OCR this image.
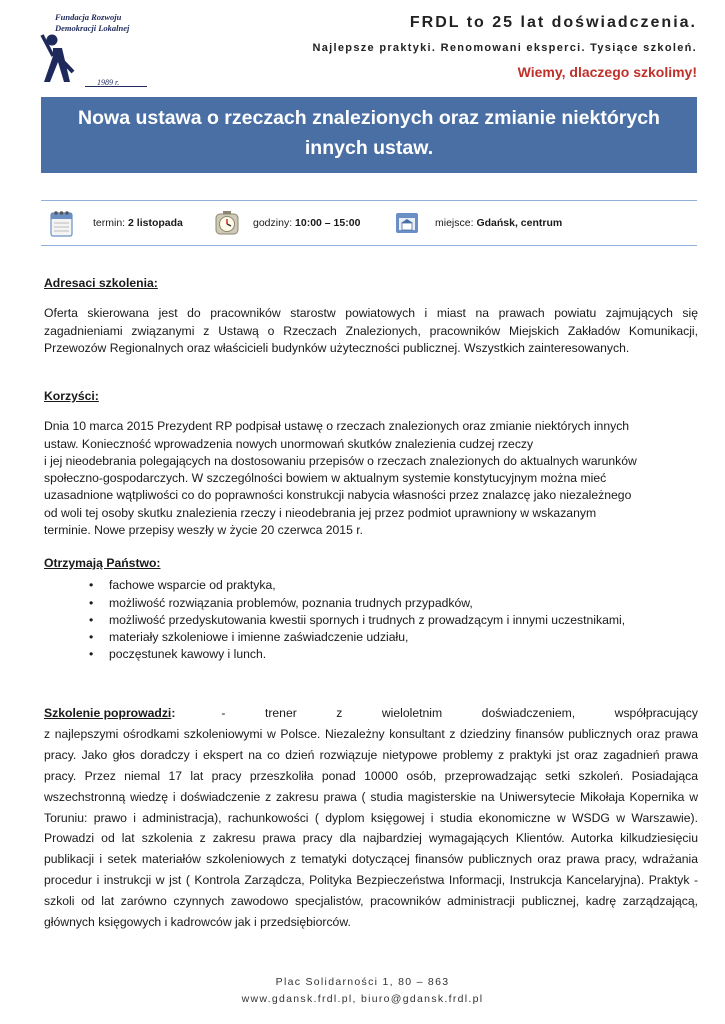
Fundacja Rozwoju
Demokracji Lokalnej
1989 r.
FRDL to 25 lat doświadczenia.
Najlepsze praktyki. Renomowani eksperci. Tysiące szkoleń.
Wiemy, dlaczego szkolimy!
Nowa ustawa o rzeczach znalezionych oraz zmianie niektórych
innych ustaw.
termin:
2 listopada	godziny:
10:00 – 15:00	miejsce:
Gdańsk, centrum
Adresaci szkolenia:
Oferta skierowana jest do pracowników starostw powiatowych i miast na prawach powiatu zajmujących się zagadnieniami związanymi z Ustawą o Rzeczach Znalezionych, pracowników Miejskich Zakładów Komunikacji, Przewozów Regionalnych oraz właścicieli budynków użyteczności publicznej. Wszystkich zainteresowanych.
Korzyści:
Dnia 10 marca 2015 Prezydent RP podpisał ustawę o rzeczach znalezionych oraz zmianie niektórych innych
ustaw. Konieczność wprowadzenia nowych unormowań skutków znalezienia cudzej rzeczy
i jej nieodebrania polegających na dostosowaniu przepisów o rzeczach znalezionych do aktualnych warunków
społeczno-gospodarczych. W szczególności bowiem w aktualnym systemie konstytucyjnym można mieć
uzasadnione wątpliwości co do poprawności konstrukcji nabycia własności przez znalazcę jako niezależnego
od woli tej osoby skutku znalezienia rzeczy i nieodebrania jej przez podmiot uprawniony w wskazanym
terminie. Nowe przepisy weszły w życie 20 czerwca 2015 r.
Otrzymają Państwo:
• fachowe wsparcie od praktyka,
• możliwość rozwiązania problemów, poznania trudnych przypadków,
• możliwość przedyskutowania kwestii spornych i trudnych z prowadzącym i innymi uczestnikami,
• materiały szkoleniowe i imienne zaświadczenie udziału,
• poczęstunek kawowy i lunch.
Szkolenie poprowadzi:	-	trener	z	wieloletnim	doświadczeniem,	współpracujący
z najlepszymi ośrodkami szkoleniowymi w Polsce. Niezależny konsultant z dziedziny finansów publicznych oraz prawa pracy. Jako głos doradczy i ekspert na co dzień rozwiązuje nietypowe problemy z praktyki jst oraz zagadnień prawa pracy. Przez niemal 17 lat pracy przeszkoliła ponad 10000 osób, przeprowadzając setki szkoleń. Posiadająca wszechstronną wiedzę i doświadczenie z zakresu prawa ( studia magisterskie na Uniwersytecie Mikołaja Kopernika w Toruniu: prawo i administracja), rachunkowości ( dyplom księgowej i studia ekonomiczne w WSDG w Warszawie). Prowadzi od lat szkolenia z zakresu prawa pracy dla najbardziej wymagających Klientów. Autorka kilkudziesięciu publikacji i setek materiałów szkoleniowych z tematyki dotyczącej finansów publicznych oraz prawa pracy, wdrażania procedur i instrukcji w jst ( Kontrola Zarządcza, Polityka Bezpieczeństwa Informacji, Instrukcja Kancelaryjna). Praktyk - szkoli od lat zarówno czynnych zawodowo specjalistów, pracowników administracji publicznej, kadrę zarządzającą, głównych księgowych i kadrowców jak i przedsiębiorców.
Plac Solidarności 1, 80 – 863
www.gdansk.frdl.pl, biuro@gdansk.frdl.pl
